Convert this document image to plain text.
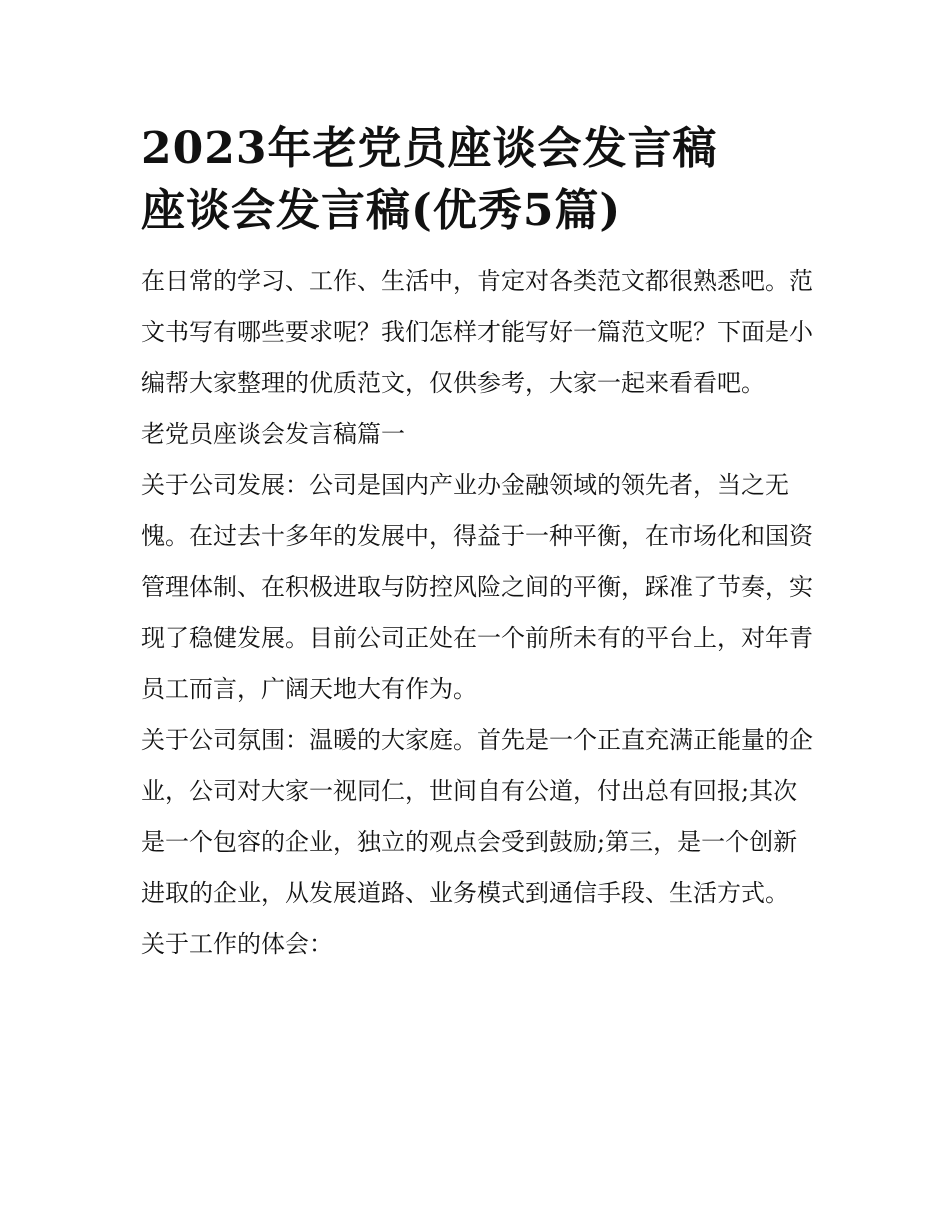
2023年老党员座谈会发言稿
座谈会发言稿(优秀5篇)

在日常的学习、工作、生活中，肯定对各类范文都很熟悉吧。范文书写有哪些要求呢？我们怎样才能写好一篇范文呢？下面是小编帮大家整理的优质范文，仅供参考，大家一起来看看吧。

老党员座谈会发言稿篇一

关于公司发展：公司是国内产业办金融领域的领先者，当之无愧。在过去十多年的发展中，得益于一种平衡，在市场化和国资管理体制、在积极进取与防控风险之间的平衡，踩准了节奏，实现了稳健发展。目前公司正处在一个前所未有的平台上，对年青员工而言，广阔天地大有作为。

关于公司氛围：温暖的大家庭。首先是一个正直充满正能量的企业，公司对大家一视同仁，世间自有公道，付出总有回报;其次是一个包容的企业，独立的观点会受到鼓励;第三，是一个创新进取的企业，从发展道路、业务模式到通信手段、生活方式。

关于工作的体会：
